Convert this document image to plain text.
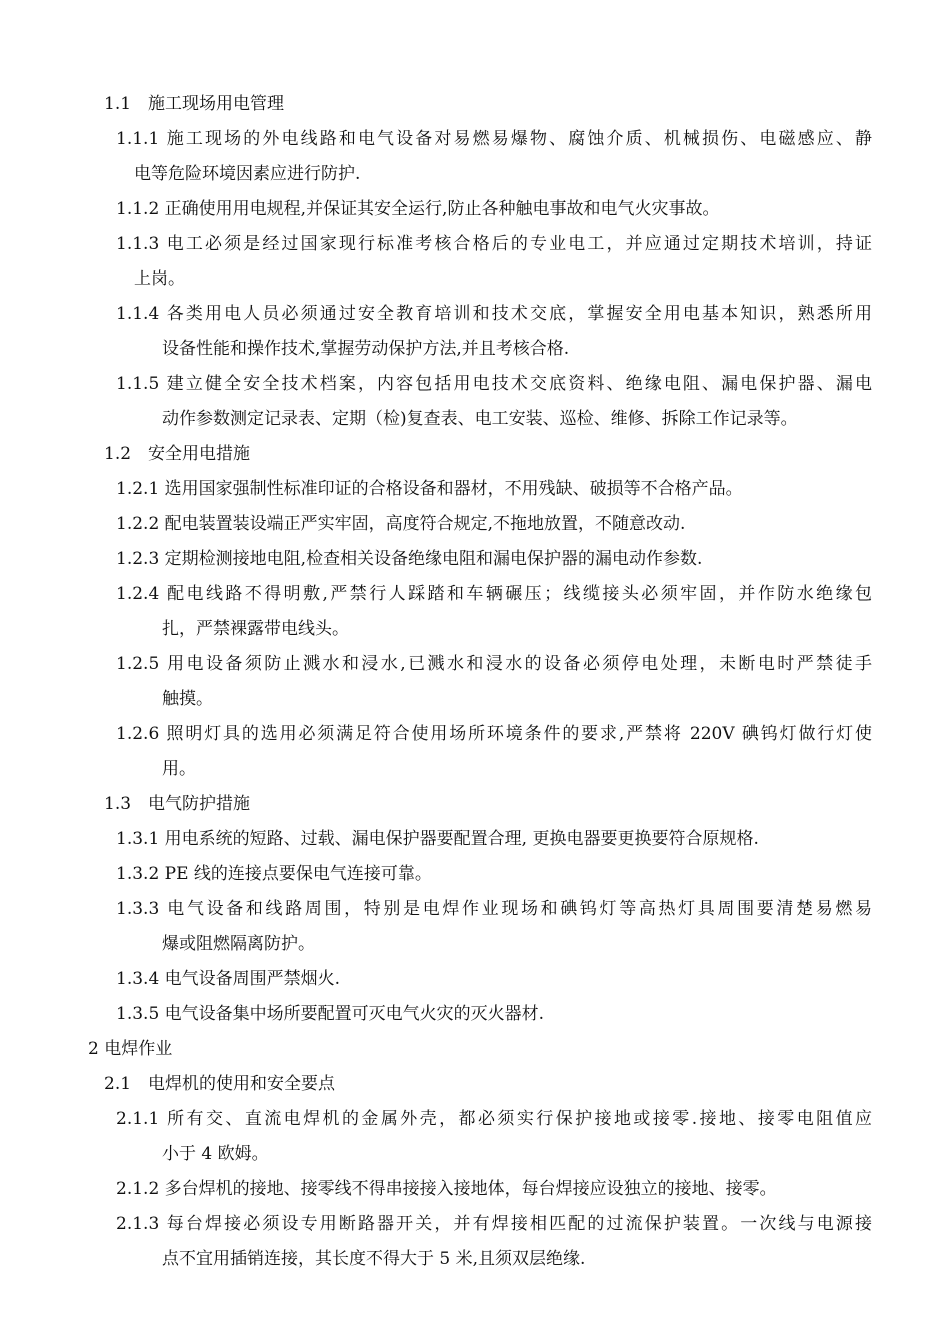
1.1　施工现场用电管理

1.1.1 施工现场的外电线路和电气设备对易燃易爆物、腐蚀介质、机械损伤、电磁感应、静

电等危险环境因素应进行防护.

1.1.2 正确使用用电规程,并保证其安全运行,防止各种触电事故和电气火灾事故。

1.1.3 电工必须是经过国家现行标准考核合格后的专业电工，并应通过定期技术培训，持证

上岗。

1.1.4 各类用电人员必须通过安全教育培训和技术交底，掌握安全用电基本知识，熟悉所用

设备性能和操作技术,掌握劳动保护方法,并且考核合格.

1.1.5 建立健全安全技术档案，内容包括用电技术交底资料、绝缘电阻、漏电保护器、漏电

动作参数测定记录表、定期（检)复查表、电工安装、巡检、维修、拆除工作记录等。

1.2　安全用电措施

1.2.1 选用国家强制性标准印证的合格设备和器材，不用残缺、破损等不合格产品。

1.2.2 配电装置装设端正严实牢固，高度符合规定,不拖地放置，不随意改动.

1.2.3 定期检测接地电阻,检查相关设备绝缘电阻和漏电保护器的漏电动作参数.

1.2.4 配电线路不得明敷,严禁行人踩踏和车辆碾压；线缆接头必须牢固，并作防水绝缘包

扎，严禁裸露带电线头。

1.2.5 用电设备须防止溅水和浸水,已溅水和浸水的设备必须停电处理，未断电时严禁徒手

触摸。

1.2.6 照明灯具的选用必须满足符合使用场所环境条件的要求,严禁将 220V 碘钨灯做行灯使

用。

1.3　电气防护措施

1.3.1 用电系统的短路、过载、漏电保护器要配置合理, 更换电器要更换要符合原规格.

1.3.2 PE 线的连接点要保电气连接可靠。

1.3.3 电气设备和线路周围，特别是电焊作业现场和碘钨灯等高热灯具周围要清楚易燃易

爆或阻燃隔离防护。

1.3.4 电气设备周围严禁烟火.

1.3.5 电气设备集中场所要配置可灭电气火灾的灭火器材.

2 电焊作业

2.1　电焊机的使用和安全要点

2.1.1 所有交、直流电焊机的金属外壳，都必须实行保护接地或接零.接地、接零电阻值应

小于 4 欧姆。

2.1.2 多台焊机的接地、接零线不得串接接入接地体，每台焊接应设独立的接地、接零。

2.1.3 每台焊接必须设专用断路器开关，并有焊接相匹配的过流保护装置。一次线与电源接

点不宜用插销连接，其长度不得大于 5 米,且须双层绝缘.
